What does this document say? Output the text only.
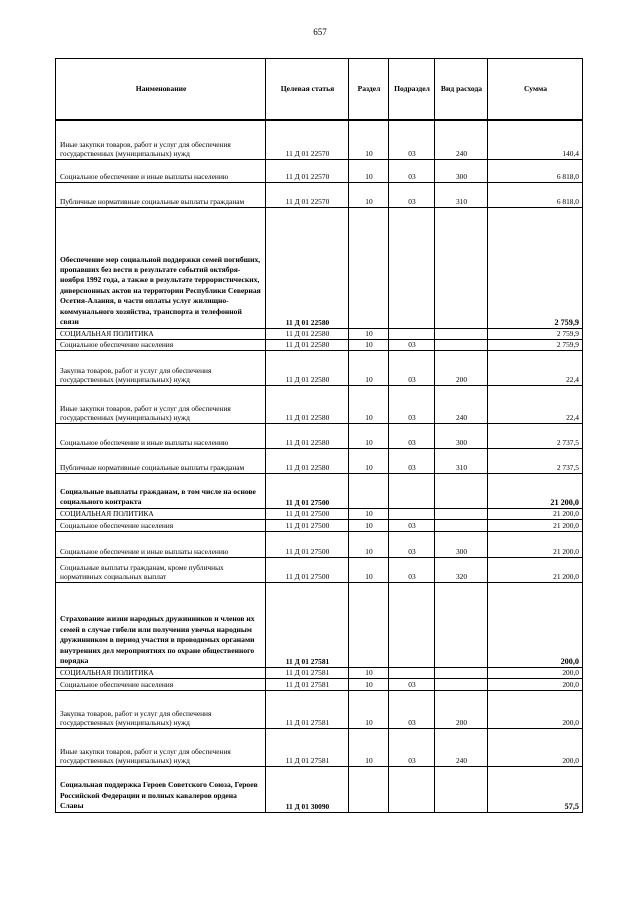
657
Наименование	Целевая статья	Раздел	Подраздел	Вид расхода	Сумма
Иные закупки товаров, работ и услуг для обеспечения государственных (муниципальных) нужд	11 Д 01 22570	10	03	240	140,4
Социальное обеспечение и иные выплаты населению	11 Д 01 22570	10	03	300	6 818,0
Публичные нормативные социальные выплаты гражданам	11 Д 01 22570	10	03	310	6 818,0
Обеспечение мер социальной поддержки семей погибших, пропавших без вести в результате событий октября-ноября 1992 года, а также в результате террористических, диверсионных актов на территории Республики Северная Осетия-Алания, в части оплаты услуг жилищно-коммунального хозяйства, транспорта и телефонной связи	11 Д 01 22580				2 759,9
СОЦИАЛЬНАЯ ПОЛИТИКА	11 Д 01 22580	10			2 759,9
Социальное обеспечение населения	11 Д 01 22580	10	03		2 759,9
Закупка товаров, работ и услуг для обеспечения государственных (муниципальных) нужд	11 Д 01 22580	10	03	200	22,4
Иные закупки товаров, работ и услуг для обеспечения государственных (муниципальных) нужд	11 Д 01 22580	10	03	240	22,4
Социальное обеспечение и иные выплаты населению	11 Д 01 22580	10	03	300	2 737,5
Публичные нормативные социальные выплаты гражданам	11 Д 01 22580	10	03	310	2 737,5
Социальные выплаты гражданам, в том числе на основе социального контракта	11 Д 01 27500				21 200,0
СОЦИАЛЬНАЯ ПОЛИТИКА	11 Д 01 27500	10			21 200,0
Социальное обеспечение населения	11 Д 01 27500	10	03		21 200,0
Социальное обеспечение и иные выплаты населению	11 Д 01 27500	10	03	300	21 200,0
Социальные выплаты гражданам, кроме публичных нормативных социальных выплат	11 Д 01 27500	10	03	320	21 200,0
Страхование жизни народных дружинников и членов их семей в случае гибели или получения увечья народным дружинником в период участия в проводимых органами внутренних дел мероприятиях по охране общественного порядка	11 Д 01 27581				200,0
СОЦИАЛЬНАЯ ПОЛИТИКА	11 Д 01 27581	10			200,0
Социальное обеспечение населения	11 Д 01 27581	10	03		200,0
Закупка товаров, работ и услуг для обеспечения государственных (муниципальных) нужд	11 Д 01 27581	10	03	200	200,0
Иные закупки товаров, работ и услуг для обеспечения государственных (муниципальных) нужд	11 Д 01 27581	10	03	240	200,0
Социальная поддержка Героев Советского Союза, Героев Российской Федерации и полных кавалеров ордена Славы	11 Д 01 30090				57,5
